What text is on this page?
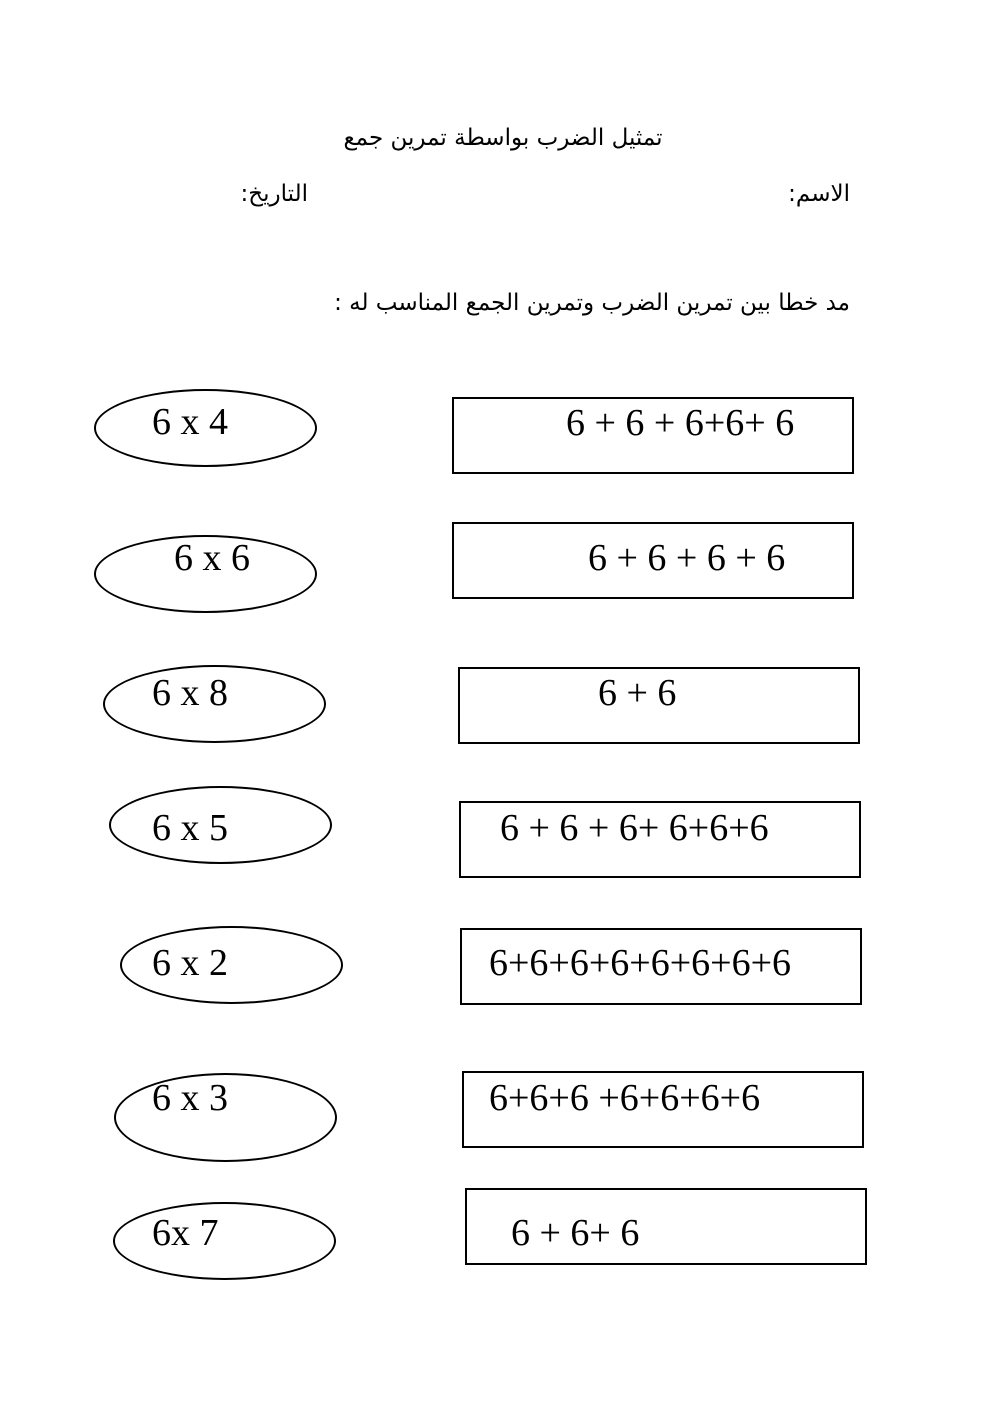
تمثيل الضرب بواسطة تمرين جمع
الاسم:
التاريخ:
مد خطا بين تمرين الضرب وتمرين الجمع المناسب له :
6 x 4	6 + 6 + 6+6+ 6
6 x 6	6 + 6 + 6 + 6
6 x 8	6 + 6
6 x 5	6 + 6 + 6+ 6+6+6
6 x 2	6+6+6+6+6+6+6+6
6 x 3	6+6+6 +6+6+6+6
6x 7	6 + 6+ 6
